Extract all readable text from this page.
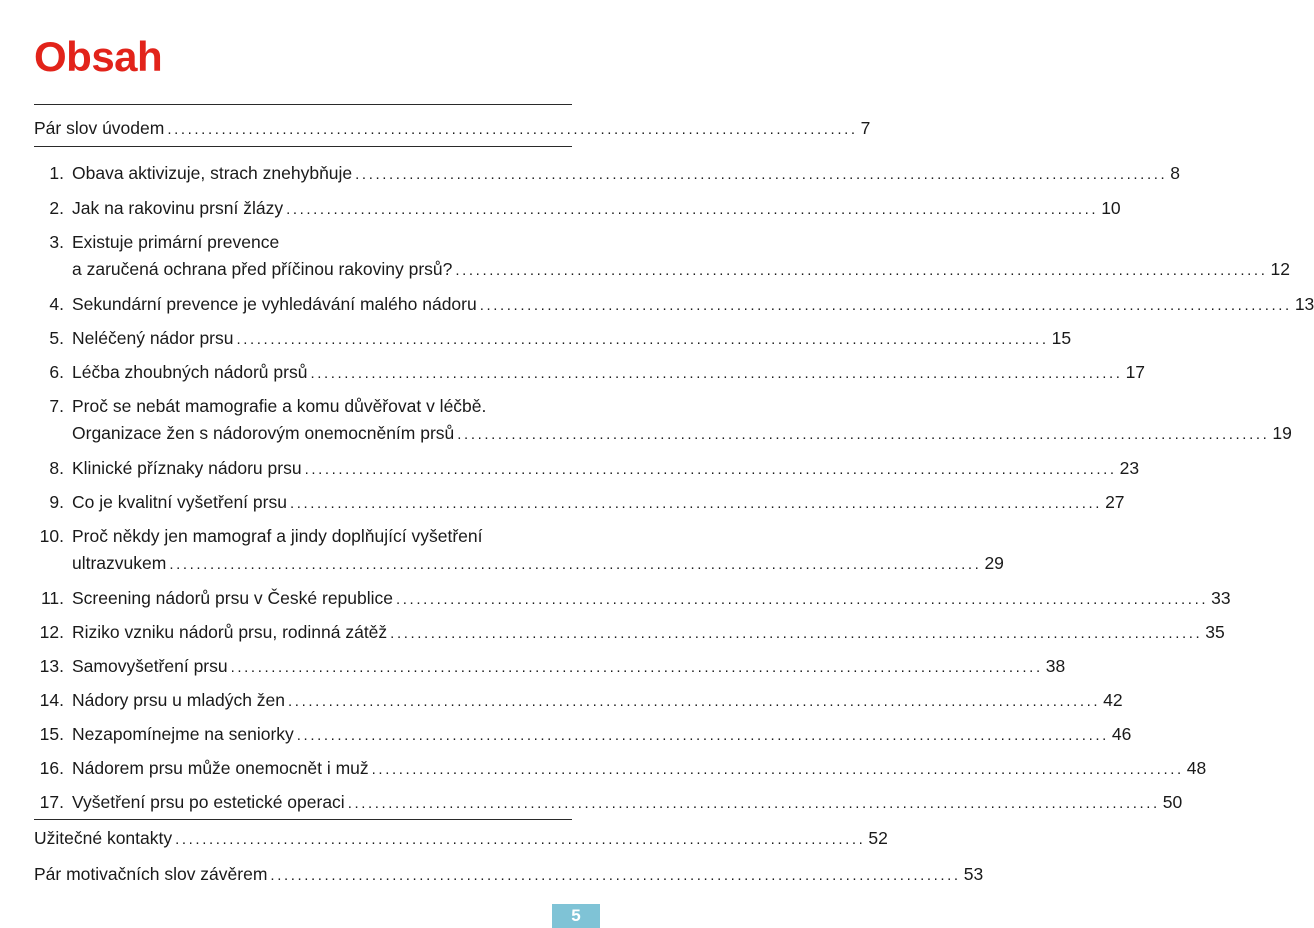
Obsah
Pár slov úvodem ...................................................................................................... 7
1. Obava aktivizuje, strach znehybňuje ........................................................................................................................ 8
2. Jak na rakovinu prsní žlázy ........................................................................................................................ 10
3. Existuje primární prevence
a zaručená ochrana před příčinou rakoviny prsů? ........................................................................................................................ 12
4. Sekundární prevence je vyhledávání malého nádoru ........................................................................................................................ 13
5. Neléčený nádor prsu ........................................................................................................................ 15
6. Léčba zhoubných nádorů prsů ........................................................................................................................ 17
7. Proč se nebát mamografie a komu důvěřovat v léčbě.
Organizace žen s nádorovým onemocněním prsů ........................................................................................................................ 19
8. Klinické příznaky nádoru prsu ........................................................................................................................ 23
9. Co je kvalitní vyšetření prsu ........................................................................................................................ 27
10. Proč někdy jen mamograf a jindy doplňující vyšetření
ultrazvukem ........................................................................................................................ 29
11. Screening nádorů prsu v České republice ........................................................................................................................ 33
12. Riziko vzniku nádorů prsu, rodinná zátěž ........................................................................................................................ 35
13. Samovyšetření prsu ........................................................................................................................ 38
14. Nádory prsu u mladých žen ........................................................................................................................ 42
15. Nezapomínejme na seniorky ........................................................................................................................ 46
16. Nádorem prsu může onemocnět i muž ........................................................................................................................ 48
17. Vyšetření prsu po estetické operaci ........................................................................................................................ 50
Užitečné kontakty ...................................................................................................... 52
Pár motivačních slov závěrem ...................................................................................................... 53
5
